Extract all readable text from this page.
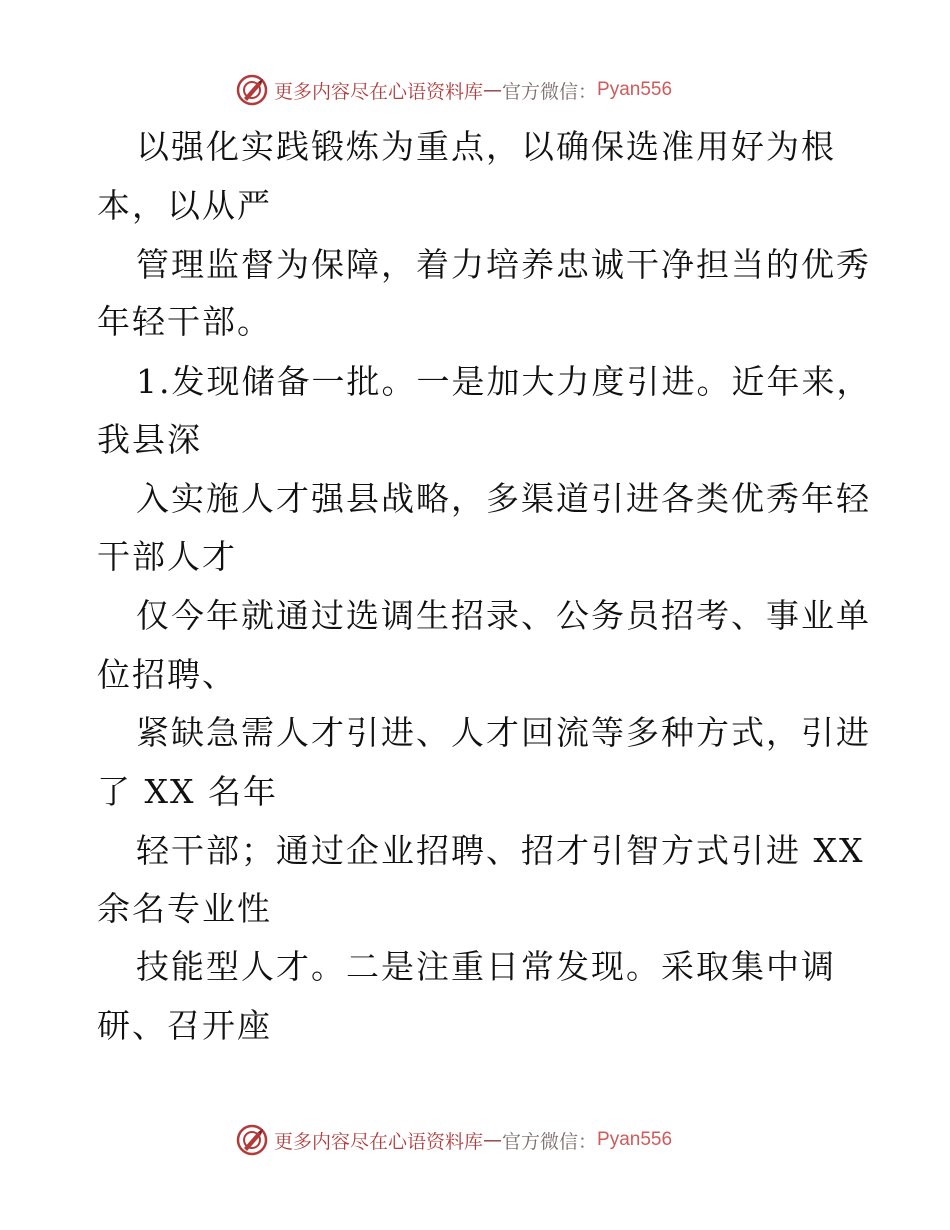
更多内容尽在心语资料库 — 官方微信： Pyan556
以强化实践锻炼为重点，以确保选准用好为根
本，以从严
管理监督为保障，着力培养忠诚干净担当的优秀
年轻干部。
1.发现储备一批。一是加大力度引进。近年来，
我县深
入实施人才强县战略，多渠道引进各类优秀年轻
干部人才
仅今年就通过选调生招录、公务员招考、事业单
位招聘、
紧缺急需人才引进、人才回流等多种方式，引进
了 XX 名年
轻干部；通过企业招聘、招才引智方式引进 XX
余名专业性
技能型人才。二是注重日常发现。采取集中调
研、召开座
更多内容尽在心语资料库 — 官方微信： Pyan556
